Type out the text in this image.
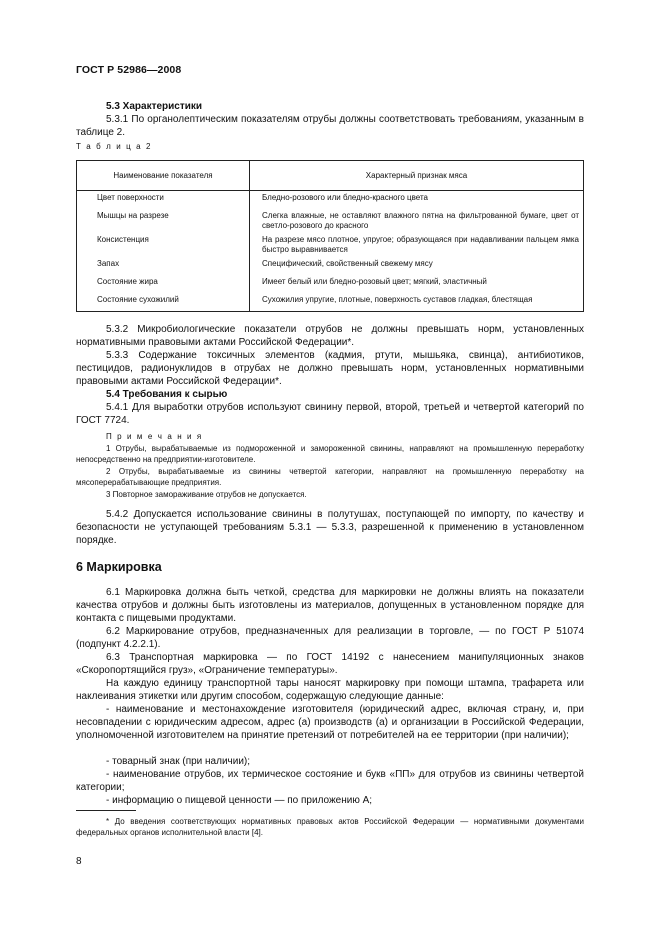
ГОСТ Р 52986—2008
5.3 Характеристики
5.3.1 По органолептическим показателям отрубы должны соответствовать требованиям, указанным в таблице 2.
Т а б л и ц а 2
Наименование показателя	Характерный признак мяса
Цвет поверхности	Бледно-розового или бледно-красного цвета
Мышцы на разрезе	Слегка влажные, не оставляют влажного пятна на фильтрованной бумаге, цвет от светло-розового до красного
Консистенция	На разрезе мясо плотное, упругое; образующаяся при надавливании пальцем ямка быстро выравнивается
Запах	Специфический, свойственный свежему мясу
Состояние жира	Имеет белый или бледно-розовый цвет; мягкий, эластичный
Состояние сухожилий	Сухожилия упругие, плотные, поверхность суставов гладкая, блестящая
5.3.2 Микробиологические показатели отрубов не должны превышать норм, установленных нормативными правовыми актами Российской Федерации*.
5.3.3 Содержание токсичных элементов (кадмия, ртути, мышьяка, свинца), антибиотиков, пестицидов, радионуклидов в отрубах не должно превышать норм, установленных нормативными правовыми актами Российской Федерации*.
5.4 Требования к сырью
5.4.1 Для выработки отрубов используют свинину первой, второй, третьей и четвертой категорий по ГОСТ 7724.
П р и м е ч а н и я
1 Отрубы, вырабатываемые из подмороженной и замороженной свинины, направляют на промышленную переработку непосредственно на предприятии-изготовителе.
2 Отрубы, вырабатываемые из свинины четвертой категории, направляют на промышленную переработку на мясоперерабатывающие предприятия.
3 Повторное замораживание отрубов не допускается.
5.4.2 Допускается использование свинины в полутушах, поступающей по импорту, по качеству и безопасности не уступающей требованиям 5.3.1 — 5.3.3, разрешенной к применению в установленном порядке.
6 Маркировка
6.1 Маркировка должна быть четкой, средства для маркировки не должны влиять на показатели качества отрубов и должны быть изготовлены из материалов, допущенных в установленном порядке для контакта с пищевыми продуктами.
6.2 Маркирование отрубов, предназначенных для реализации в торговле, — по ГОСТ Р 51074 (подпункт 4.2.2.1).
6.3 Транспортная маркировка — по ГОСТ 14192 с нанесением манипуляционных знаков «Скоропортящийся груз», «Ограничение температуры».
На каждую единицу транспортной тары наносят маркировку при помощи штампа, трафарета или наклеивания этикетки или другим способом, содержащую следующие данные:
- наименование и местонахождение изготовителя (юридический адрес, включая страну, и, при несовпадении с юридическим адресом, адрес (а) производств (а) и организации в Российской Федерации, уполномоченной изготовителем на принятие претензий от потребителей на ее территории (при наличии);
- товарный знак (при наличии);
- наименование отрубов, их термическое состояние и букв «ПП» для отрубов из свинины четвертой категории;
- информацию о пищевой ценности — по приложению А;
* До введения соответствующих нормативных правовых актов Российской Федерации — нормативными документами федеральных органов исполнительной власти [4].
8
